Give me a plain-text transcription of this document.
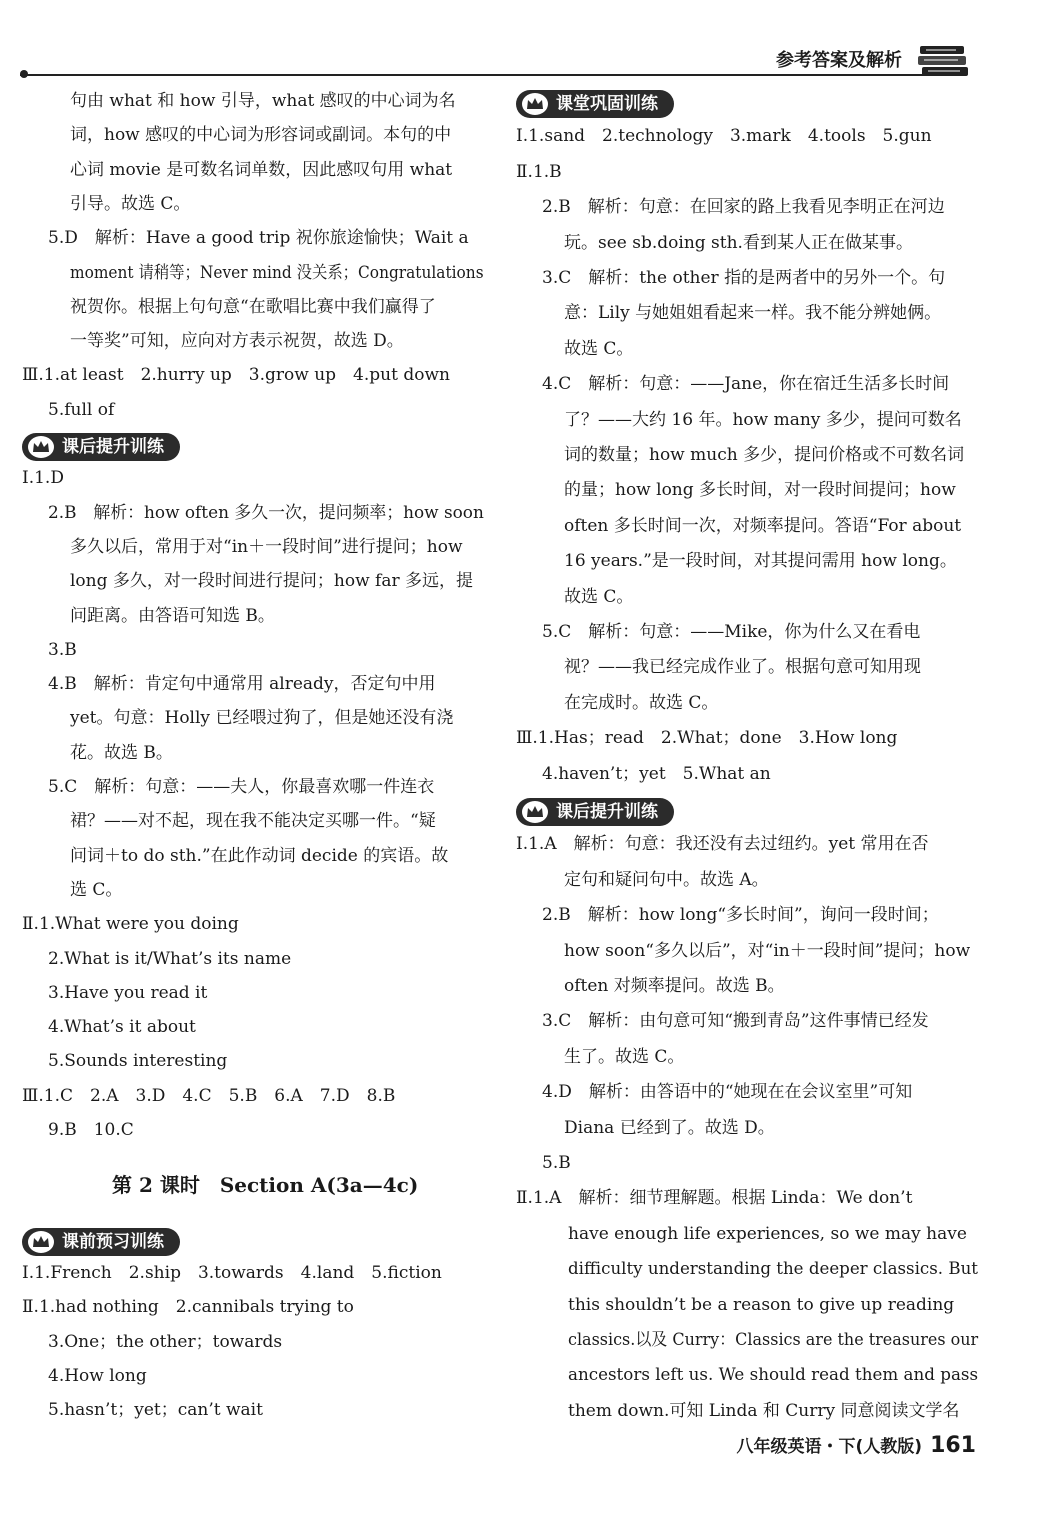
参考答案及解析
句由 what 和 how 引导，what 感叹的中心词为名
词，how 感叹的中心词为形容词或副词。本句的中
心词 movie 是可数名词单数，因此感叹句用 what
引导。故选 C。
5.D　解析：Have a good trip 祝你旅途愉快；Wait a
moment 请稍等；Never mind 没关系；Congratulations
祝贺你。根据上句句意“在歌唱比赛中我们赢得了
一等奖”可知，应向对方表示祝贺，故选 D。
Ⅲ.1.at least　2.hurry up　3.grow up　4.put down
5.full of
课后提升训练
Ⅰ.1.D
2.B　解析：how often 多久一次，提问频率；how soon
多久以后，常用于对“in＋一段时间”进行提问；how
long 多久，对一段时间进行提问；how far 多远，提
问距离。由答语可知选 B。
3.B
4.B　解析：肯定句中通常用 already，否定句中用
yet。句意：Holly 已经喂过狗了，但是她还没有浇
花。故选 B。
5.C　解析：句意：——夫人，你最喜欢哪一件连衣
裙？——对不起，现在我不能决定买哪一件。“疑
问词＋to do sth.”在此作动词 decide 的宾语。故
选 C。
Ⅱ.1.What were you doing
2.What is it/What’s its name
3.Have you read it
4.What’s it about
5.Sounds interesting
Ⅲ.1.C　2.A　3.D　4.C　5.B　6.A　7.D　8.B
9.B　10.C
第 2 课时　Section A(3a—4c)
课前预习训练
Ⅰ.1.French　2.ship　3.towards　4.land　5.fiction
Ⅱ.1.had nothing　2.cannibals trying to
3.One；the other；towards
4.How long
5.hasn’t；yet；can’t wait
课堂巩固训练
Ⅰ.1.sand　2.technology　3.mark　4.tools　5.gun
Ⅱ.1.B
2.B　解析：句意：在回家的路上我看见李明正在河边
玩。see sb.doing sth.看到某人正在做某事。
3.C　解析：the other 指的是两者中的另外一个。句
意：Lily 与她姐姐看起来一样。我不能分辨她俩。
故选 C。
4.C　解析：句意：——Jane，你在宿迁生活多长时间
了？——大约 16 年。how many 多少，提问可数名
词的数量；how much 多少，提问价格或不可数名词
的量；how long 多长时间，对一段时间提问；how
often 多长时间一次，对频率提问。答语“For about
16 years.”是一段时间，对其提问需用 how long。
故选 C。
5.C　解析：句意：——Mike，你为什么又在看电
视？——我已经完成作业了。根据句意可知用现
在完成时。故选 C。
Ⅲ.1.Has；read　2.What；done　3.How long
4.haven’t；yet　5.What an
课后提升训练
Ⅰ.1.A　解析：句意：我还没有去过纽约。yet 常用在否
定句和疑问句中。故选 A。
2.B　解析：how long“多长时间”，询问一段时间；
how soon“多久以后”，对“in＋一段时间”提问；how
often 对频率提问。故选 B。
3.C　解析：由句意可知“搬到青岛”这件事情已经发
生了。故选 C。
4.D　解析：由答语中的“她现在在会议室里”可知
Diana 已经到了。故选 D。
5.B
Ⅱ.1.A　解析：细节理解题。根据 Linda：We don’t
have enough life experiences, so we may have
difficulty understanding the deeper classics. But
this shouldn’t be a reason to give up reading
classics.以及 Curry：Classics are the treasures our
ancestors left us. We should read them and pass
them down.可知 Linda 和 Curry 同意阅读文学名
八年级英语・下(人教版) 161
